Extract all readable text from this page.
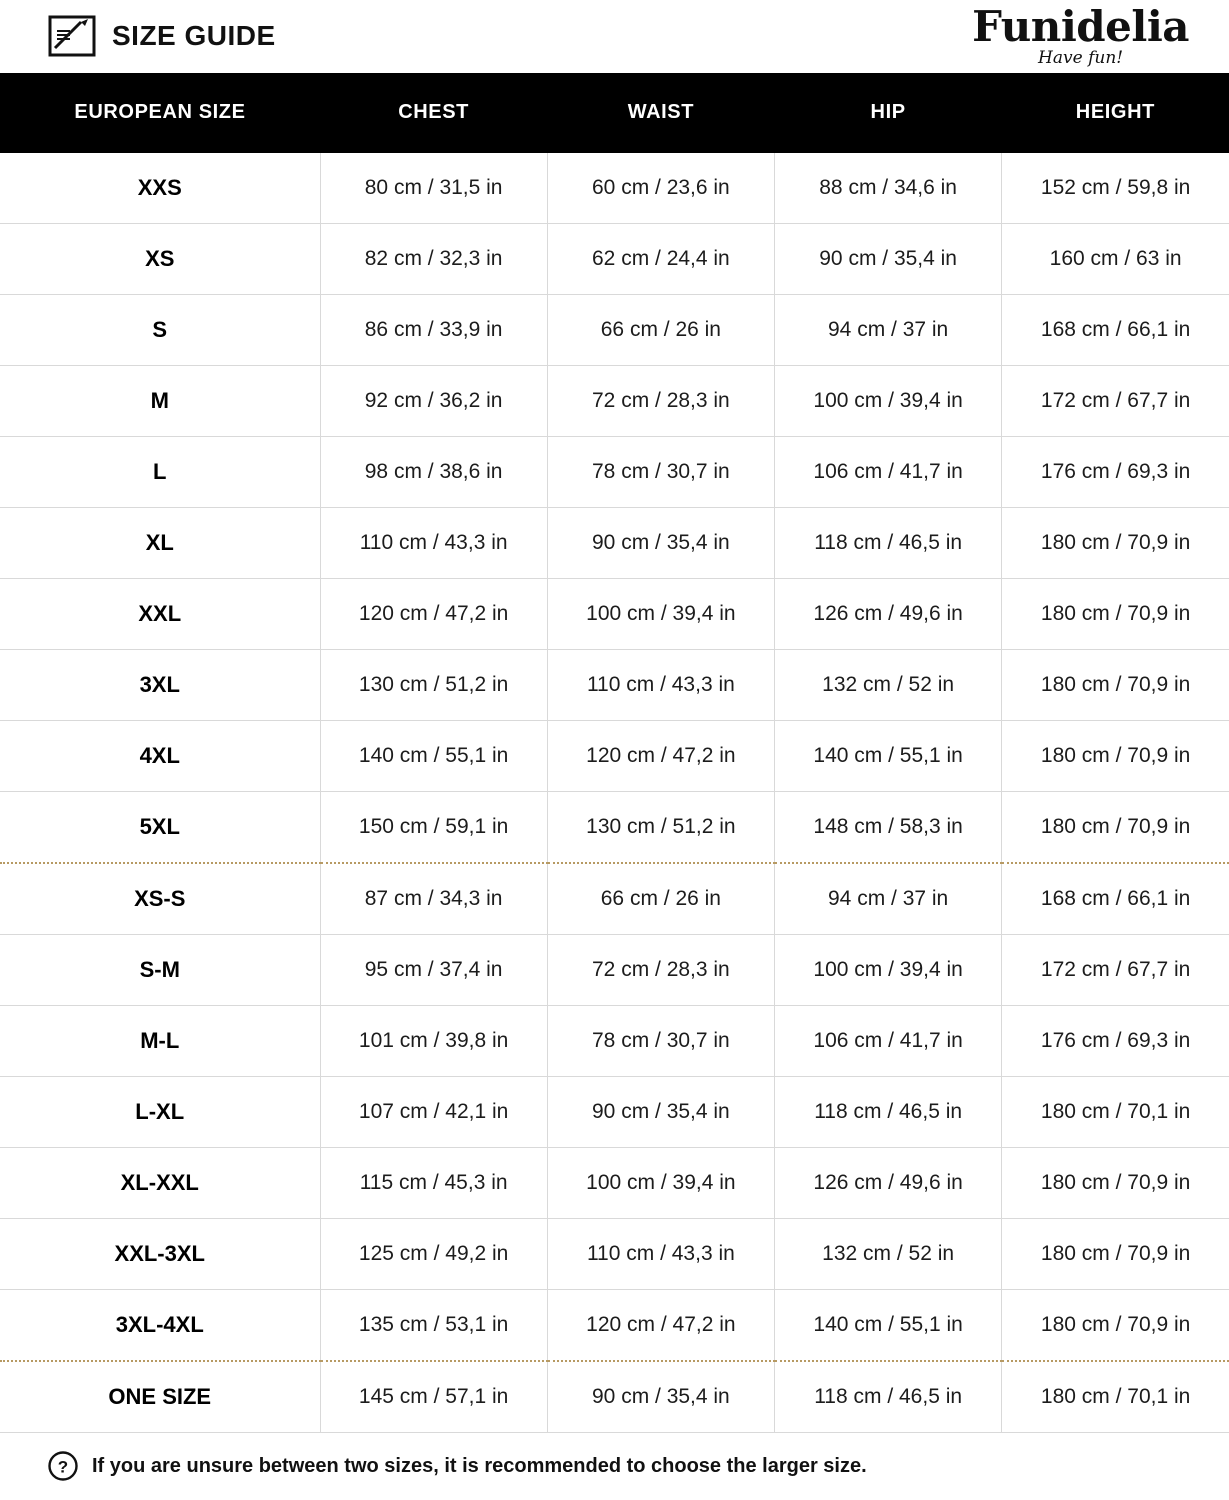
SIZE GUIDE	Funidelia
Have fun!
EUROPEAN SIZE	CHEST	WAIST	HIP	HEIGHT
XXS	80 cm / 31,5 in	60 cm / 23,6 in	88 cm / 34,6 in	152 cm / 59,8 in
XS	82 cm / 32,3 in	62 cm / 24,4 in	90 cm / 35,4 in	160 cm / 63 in
S	86 cm / 33,9 in	66 cm / 26 in	94 cm / 37 in	168 cm / 66,1 in
M	92 cm / 36,2 in	72 cm / 28,3 in	100 cm / 39,4 in	172 cm / 67,7 in
L	98 cm / 38,6 in	78 cm / 30,7 in	106 cm / 41,7 in	176 cm / 69,3 in
XL	110 cm / 43,3 in	90 cm / 35,4 in	118 cm / 46,5 in	180 cm / 70,9 in
XXL	120 cm / 47,2 in	100 cm / 39,4 in	126 cm / 49,6 in	180 cm / 70,9 in
3XL	130 cm / 51,2 in	110 cm / 43,3 in	132 cm / 52 in	180 cm / 70,9 in
4XL	140 cm / 55,1 in	120 cm / 47,2 in	140 cm / 55,1 in	180 cm / 70,9 in
5XL	150 cm / 59,1 in	130 cm / 51,2 in	148 cm / 58,3 in	180 cm / 70,9 in
XS-S	87 cm / 34,3 in	66 cm / 26 in	94 cm / 37 in	168 cm / 66,1 in
S-M	95 cm / 37,4 in	72 cm / 28,3 in	100 cm / 39,4 in	172 cm / 67,7 in
M-L	101 cm / 39,8 in	78 cm / 30,7 in	106 cm / 41,7 in	176 cm / 69,3 in
L-XL	107 cm / 42,1 in	90 cm / 35,4 in	118 cm / 46,5 in	180 cm / 70,1 in
XL-XXL	115 cm / 45,3 in	100 cm / 39,4 in	126 cm / 49,6 in	180 cm / 70,9 in
XXL-3XL	125 cm / 49,2 in	110 cm / 43,3 in	132 cm / 52 in	180 cm / 70,9 in
3XL-4XL	135 cm / 53,1 in	120 cm / 47,2 in	140 cm / 55,1 in	180 cm / 70,9 in
ONE SIZE	145 cm / 57,1 in	90 cm / 35,4 in	118 cm / 46,5 in	180 cm / 70,1 in
? If you are unsure between two sizes, it is recommended to choose the larger size.
